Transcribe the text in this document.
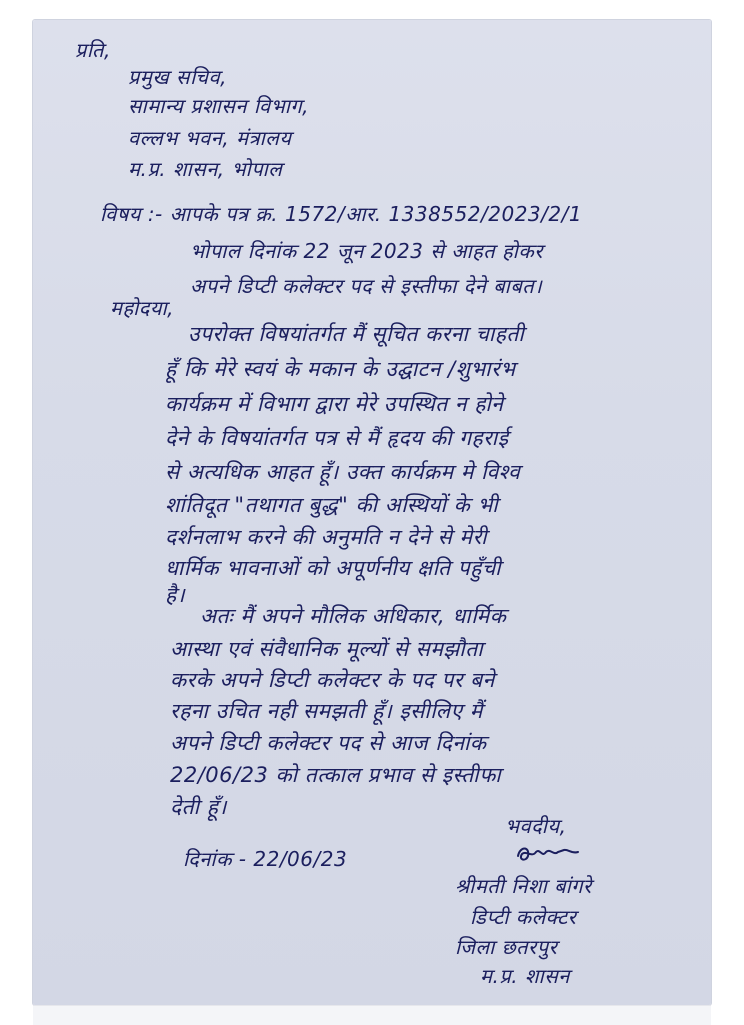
प्रति,
प्रमुख सचिव,
सामान्य प्रशासन विभाग,
वल्लभ भवन, मंत्रालय
म.प्र. शासन, भोपाल
विषय :- आपके पत्र क्र. 1572/आर. 1338552/2023/2/1
भोपाल दिनांक 22 जून 2023 से आहत होकर
अपने डिप्टी कलेक्टर पद से इस्तीफा देने बाबत।
महोदया,
उपरोक्त विषयांतर्गत मैं सूचित करना चाहती
हूँ कि मेरे स्वयं के मकान के उद्घाटन /शुभारंभ
कार्यक्रम में विभाग द्वारा मेरे उपस्थित न होने
देने के विषयांतर्गत पत्र से मैं हृदय की गहराई
से अत्यधिक आहत हूँ। उक्त कार्यक्रम मे विश्व
शांतिदूत "तथागत बुद्ध" की अस्थियों के भी
दर्शनलाभ करने की अनुमति न देने से मेरी
धार्मिक भावनाओं को अपूर्णनीय क्षति पहुँची
है।
अतः मैं अपने मौलिक अधिकार, धार्मिक
आस्था एवं संवैधानिक मूल्यों से समझौता
करके अपने डिप्टी कलेक्टर के पद पर बने
रहना उचित नही समझती हूँ। इसीलिए मैं
अपने डिप्टी कलेक्टर पद से आज दिनांक
22/06/23 को तत्काल प्रभाव से इस्तीफा
देती हूँ।
भवदीय,
दिनांक - 22/06/23
श्रीमती निशा बांगरे
डिप्टी कलेक्टर
जिला छतरपुर
म.प्र. शासन
